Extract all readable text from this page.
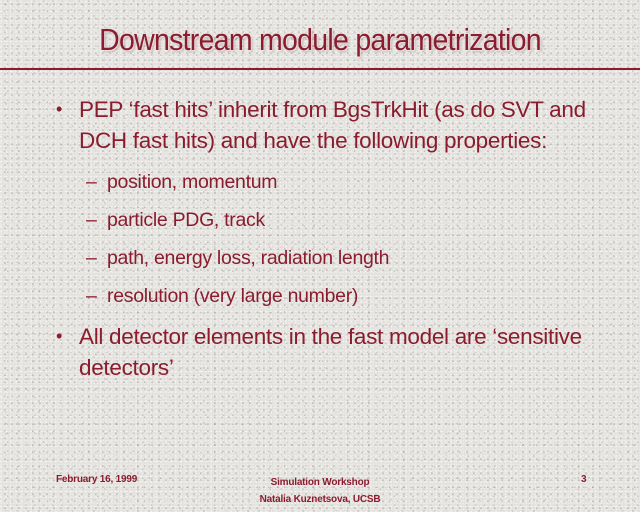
Downstream module parametrization
• PEP ‘fast hits’ inherit from BgsTrkHit (as do SVT and DCH fast hits) and have the following properties:
– position, momentum
– particle PDG, track
– path, energy loss, radiation length
– resolution (very large number)
• All detector elements in the fast model are ‘sensitive detectors’
February 16, 1999	Simulation Workshop
Natalia Kuznetsova, UCSB
3
